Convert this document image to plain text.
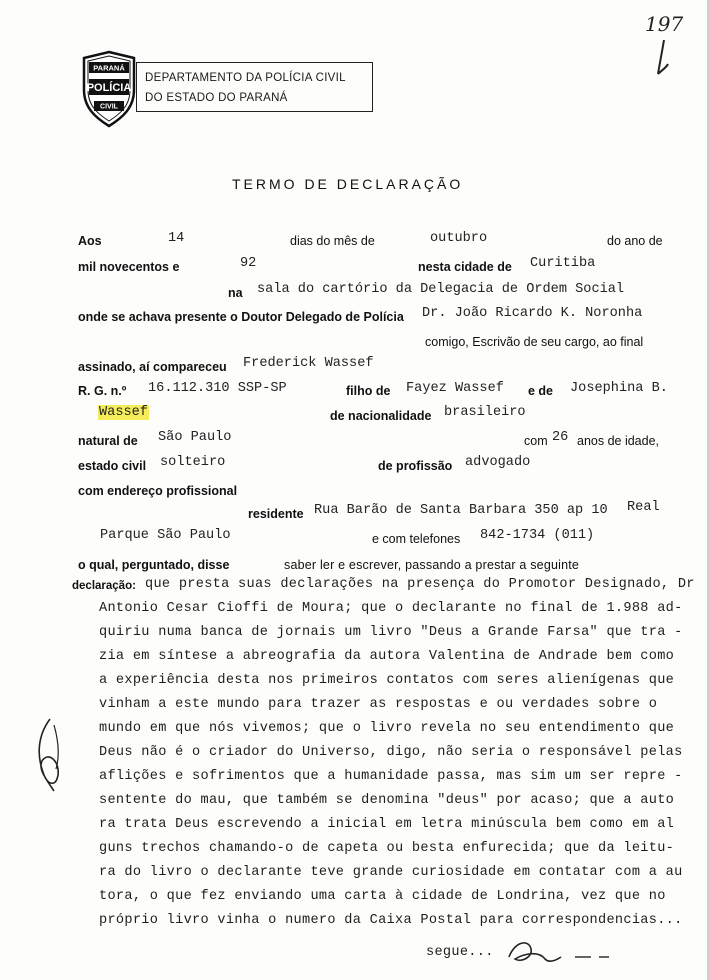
197
PARANÁ
POLÍCIA
CIVIL
DEPARTAMENTO DA POLÍCIA CIVIL
DO ESTADO DO PARANÁ
TERMO DE DECLARAÇÃO
Aos	14	dias do mês de	outubro	do ano de
mil novecentos e	92	nesta cidade de Curitiba
na sala do cartório da Delegacia de Ordem Social
onde se achava presente o Doutor Delegado de Polícia Dr. João Ricardo K. Noronha
comigo, Escrivão de seu cargo, ao final
assinado, aí compareceu Frederick Wassef
R. G. n.º 16.112.310 SSP-SP	filho de Fayez Wassef e de Josephina B.
Wassef	de nacionalidade brasileiro
natural de São Paulo	com 26 anos de idade,
estado civil solteiro	de profissão advogado
com endereço profissional
residente Rua Barão de Santa Barbara 350 ap 10 Real
Parque São Paulo	e com telefones 842-1734 (011)
o qual, perguntado, disse	saber ler e escrever, passando a prestar a seguinte
declaração: que presta suas declarações na presença do Promotor Designado, Dr
Antonio Cesar Cioffi de Moura; que o declarante no final de 1.988 ad-
quiriu numa banca de jornais um livro "Deus a Grande Farsa" que tra -
zia em síntese a abreografia da autora Valentina de Andrade bem como
a experiência desta nos primeiros contatos com seres alienígenas que
vinham a este mundo para trazer as respostas e ou verdades sobre o
mundo em que nós vivemos; que o livro revela no seu entendimento que
Deus não é o criador do Universo, digo, não seria o responsável pelas
aflições e sofrimentos que a humanidade passa, mas sim um ser repre -
sentente do mau, que também se denomina "deus" por acaso; que a auto
ra trata Deus escrevendo a inicial em letra minúscula bem como em al
guns trechos chamando-o de capeta ou besta enfurecida; que da leitu-
ra do livro o declarante teve grande curiosidade em contatar com a au
tora, o que fez enviando uma carta à cidade de Londrina, vez que no
próprio livro vinha o numero da Caixa Postal para correspondencias...
segue...
